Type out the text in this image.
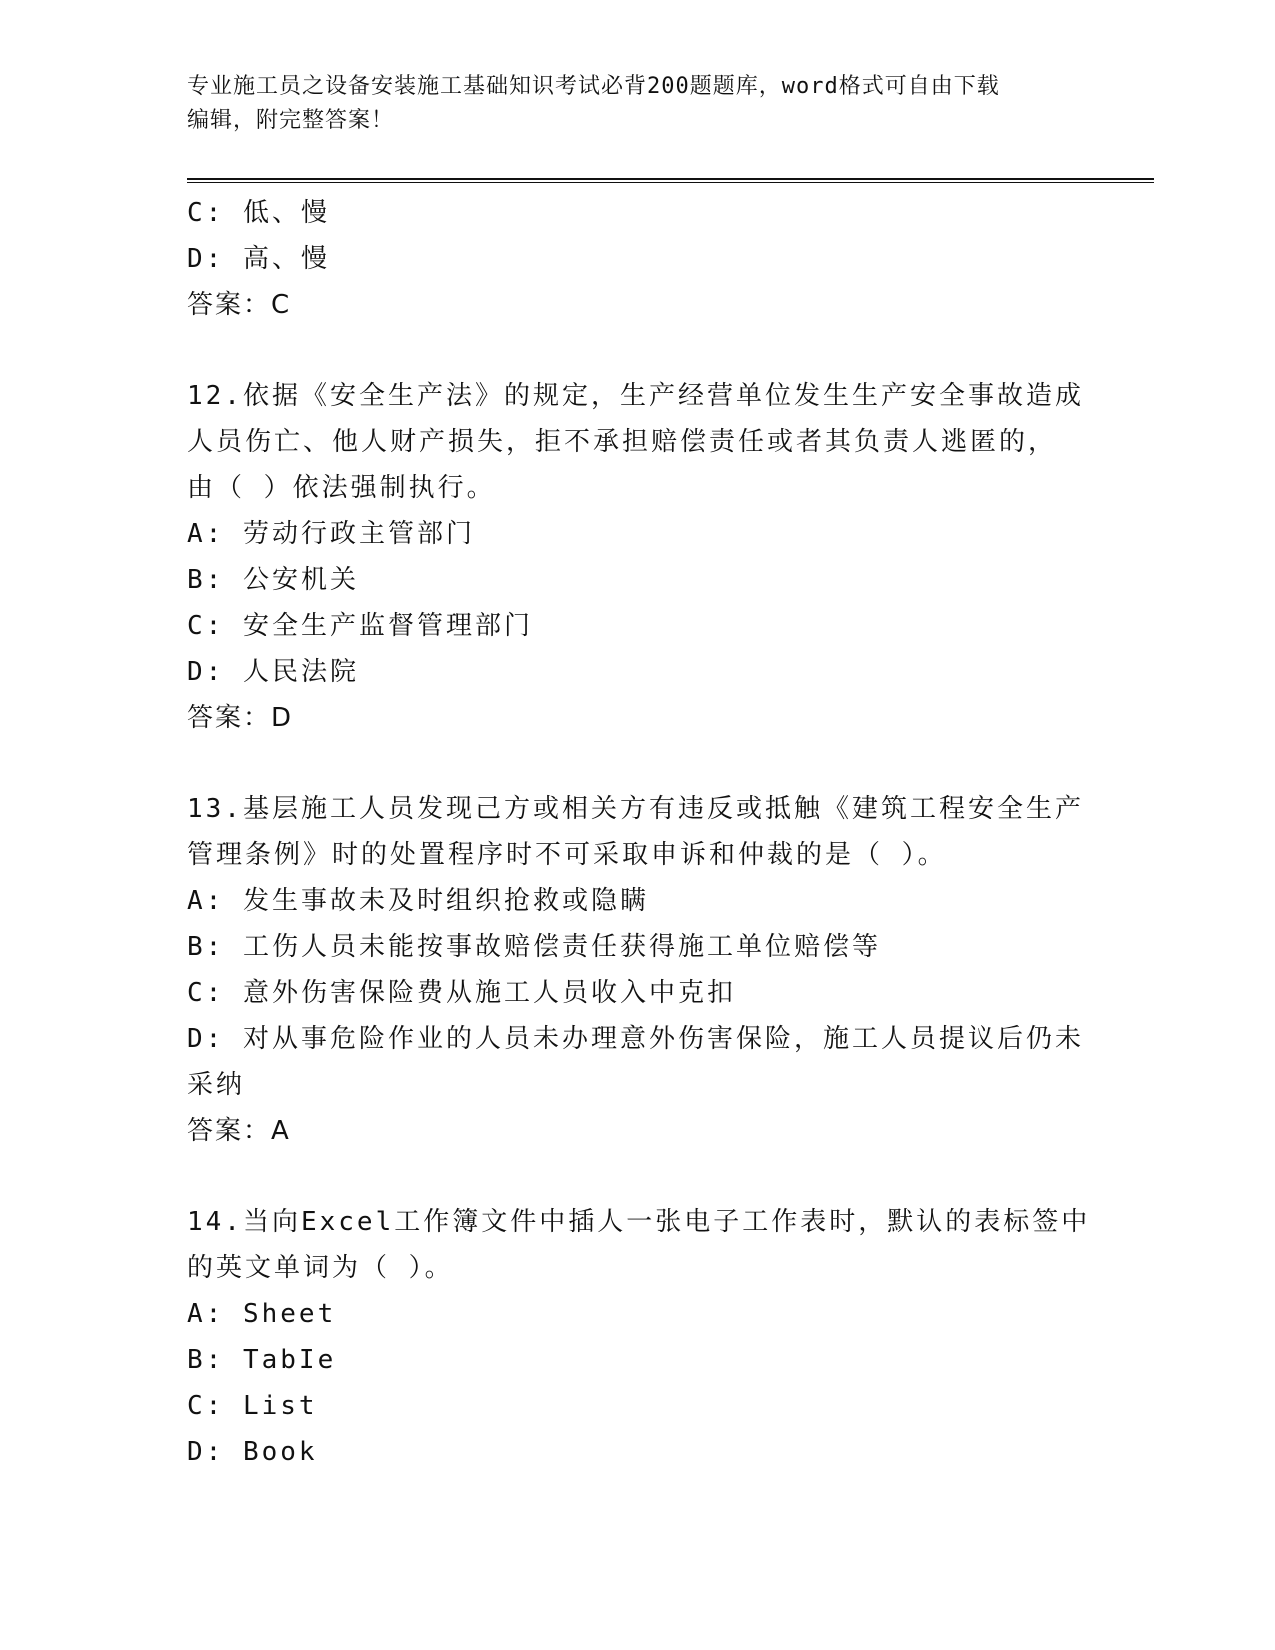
专业施工员之设备安装施工基础知识考试必背200题题库，word格式可自由下载
编辑，附完整答案！
C: 低、慢
D: 高、慢
答案：C
12.依据《安全生产法》的规定，生产经营单位发生生产安全事故造成
人员伤亡、他人财产损失，拒不承担赔偿责任或者其负责人逃匿的，
由（ ）依法强制执行。
A: 劳动行政主管部门
B: 公安机关
C: 安全生产监督管理部门
D: 人民法院
答案：D
13.基层施工人员发现己方或相关方有违反或抵触《建筑工程安全生产
管理条例》时的处置程序时不可采取申诉和仲裁的是（ ）。
A: 发生事故未及时组织抢救或隐瞒
B: 工伤人员未能按事故赔偿责任获得施工单位赔偿等
C: 意外伤害保险费从施工人员收入中克扣
D: 对从事危险作业的人员未办理意外伤害保险，施工人员提议后仍未
采纳
答案：A
14.当向Excel工作簿文件中插人一张电子工作表时，默认的表标签中
的英文单词为（ ）。
A: Sheet
B: TabIe
C: List
D: Book
